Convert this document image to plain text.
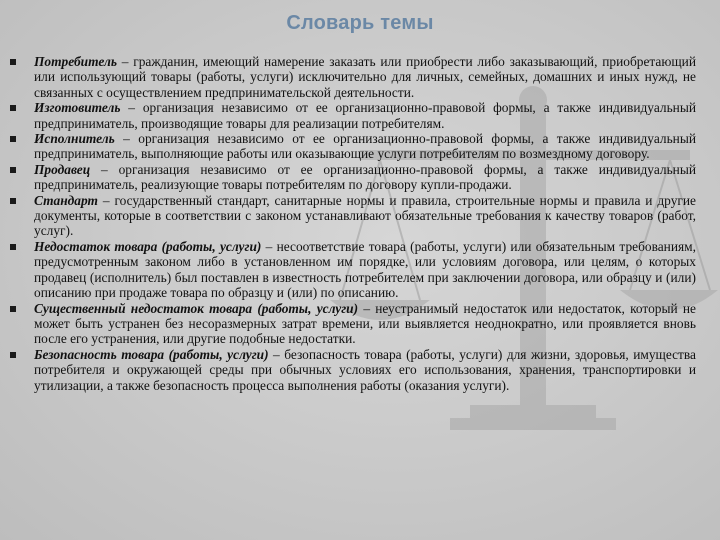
Словарь темы
Потребитель – гражданин, имеющий намерение заказать или приобрести либо заказывающий, приобретающий или использующий товары (работы, услуги) исключительно для личных, семейных, домашних и иных нужд, не связанных с осуществлением предпринимательской деятельности.
Изготовитель – организация независимо от ее организационно-правовой формы, а также индивидуальный предприниматель, производящие товары для реализации потребителям.
Исполнитель – организация независимо от ее организационно-правовой формы, а также индивидуальный предприниматель, выполняющие работы или оказывающие услуги потребителям по возмездному договору.
Продавец – организация независимо от ее организационно-правовой формы, а также индивидуальный предприниматель, реализующие товары потребителям по договору купли-продажи.
Стандарт – государственный стандарт, санитарные нормы и правила, строительные нормы и правила и другие документы, которые в соответствии с законом устанавливают обязательные требования к качеству товаров (работ, услуг).
Недостаток товара (работы, услуги) – несоответствие товара (работы, услуги) или обязательным требованиям, предусмотренным законом либо в установленном им порядке, или условиям договора, или целям, о которых продавец (исполнитель) был поставлен в известность потребителем при заключении договора, или образцу и (или) описанию при продаже товара по образцу и (или) по описанию.
Существенный недостаток товара (работы, услуги) – неустранимый недостаток или недостаток, который не может быть устранен без несоразмерных затрат времени, или выявляется неоднократно, или проявляется вновь после его устранения, или другие подобные недостатки.
Безопасность товара (работы, услуги) – безопасность товара (работы, услуги) для жизни, здоровья, имущества потребителя и окружающей среды при обычных условиях его использования, хранения, транспортировки и утилизации, а также безопасность процесса выполнения работы (оказания услуги).
